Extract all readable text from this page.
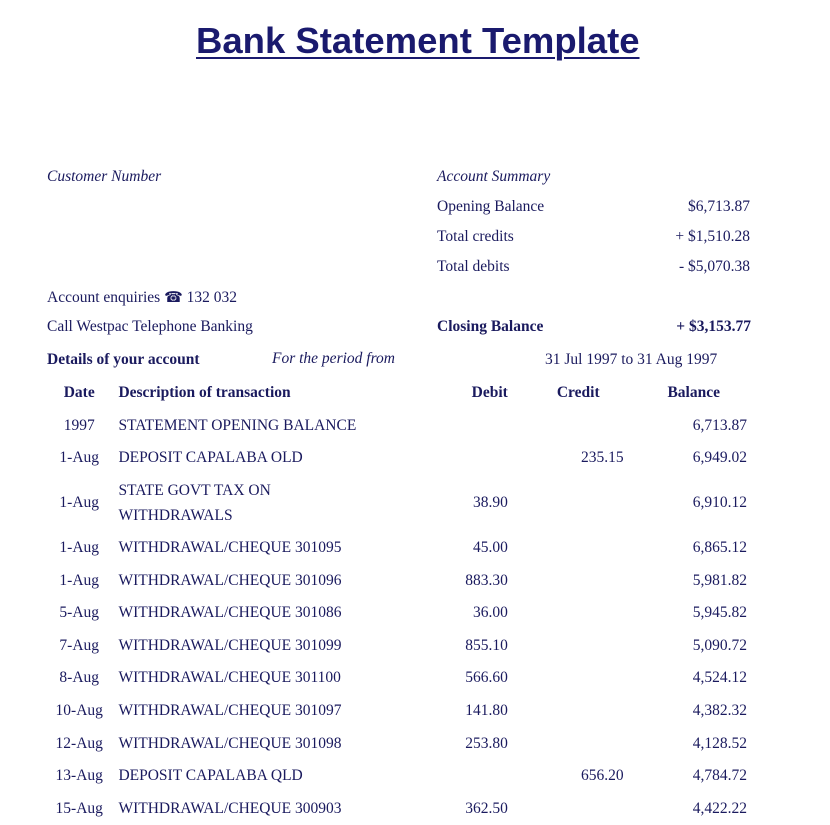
Bank Statement Template
Customer Number
Account enquiries ☎ 132 032
Call Westpac Telephone Banking
Account Summary
Opening Balance	$6,713.87
Total credits	+ $1,510.28
Total debits	- $5,070.38
Closing Balance	+ $3,153.77
Details of your account	For the period from	31 Jul 1997 to 31 Aug 1997
Date	Description of transaction	Debit	Credit	Balance
1997	STATEMENT OPENING BALANCE			6,713.87
1-Aug	DEPOSIT CAPALABA OLD		235.15	6,949.02
1-Aug	STATE GOVT TAX ON WITHDRAWALS	38.90		6,910.12
1-Aug	WITHDRAWAL/CHEQUE 301095	45.00		6,865.12
1-Aug	WITHDRAWAL/CHEQUE 301096	883.30		5,981.82
5-Aug	WITHDRAWAL/CHEQUE 301086	36.00		5,945.82
7-Aug	WITHDRAWAL/CHEQUE 301099	855.10		5,090.72
8-Aug	WITHDRAWAL/CHEQUE 301100	566.60		4,524.12
10-Aug	WITHDRAWAL/CHEQUE 301097	141.80		4,382.32
12-Aug	WITHDRAWAL/CHEQUE 301098	253.80		4,128.52
13-Aug	DEPOSIT CAPALABA QLD		656.20	4,784.72
15-Aug	WITHDRAWAL/CHEQUE 300903	362.50		4,422.22
